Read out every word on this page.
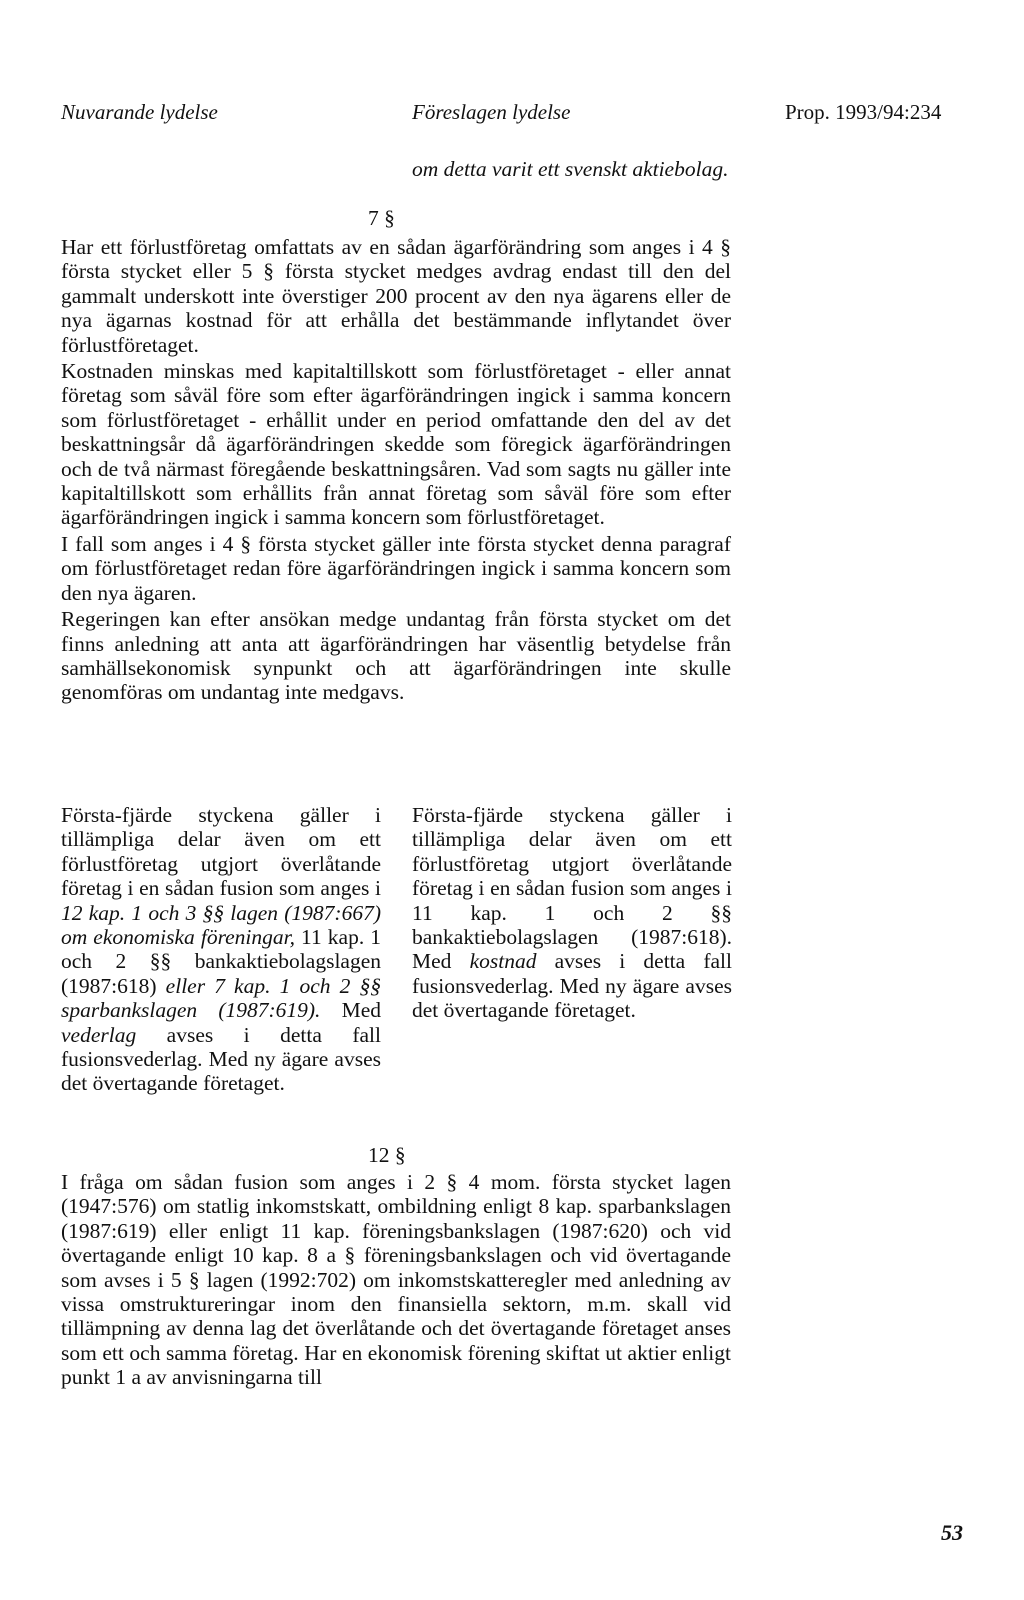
Nuvarande lydelse	Föreslagen lydelse	Prop. 1993/94:234
om detta varit ett svenskt aktiebolag.
7 §

Har ett förlustföretag omfattats av en sådan ägarförändring som anges i 4 § första stycket eller 5 § första stycket medges avdrag endast till den del gammalt underskott inte överstiger 200 procent av den nya ägarens eller de nya ägarnas kostnad för att erhålla det bestämmande inflytandet över förlustföretaget.

Kostnaden minskas med kapitaltillskott som förlustföretaget - eller annat företag som såväl före som efter ägarförändringen ingick i samma koncern som förlustföretaget - erhållit under en period omfattande den del av det beskattningsår då ägarförändringen skedde som föregick ägarförändringen och de två närmast föregående beskattningsåren. Vad som sagts nu gäller inte kapitaltillskott som erhållits från annat företag som såväl före som efter ägarförändringen ingick i samma koncern som förlustföretaget.

I fall som anges i 4 § första stycket gäller inte första stycket denna paragraf om förlustföretaget redan före ägarförändringen ingick i samma koncern som den nya ägaren.

Regeringen kan efter ansökan medge undantag från första stycket om det finns anledning att anta att ägarförändringen har väsentlig betydelse från samhällsekonomisk synpunkt och att ägarförändringen inte skulle genomföras om undantag inte medgavs.

Första-fjärde styckena gäller i tillämpliga delar även om ett förlustföretag utgjort överlåtande företag i en sådan fusion som anges i 12 kap. 1 och 3 §§ lagen (1987:667) om ekonomiska föreningar, 11 kap. 1 och 2 §§ bankaktiebolagslagen (1987:618) eller 7 kap. 1 och 2 §§ sparbankslagen (1987:619). Med vederlag avses i detta fall fusionsvederlag. Med ny ägare avses det övertagande företaget.
Första-fjärde styckena gäller i tillämpliga delar även om ett förlustföretag utgjort överlåtande företag i en sådan fusion som anges i 11 kap. 1 och 2 §§ bankaktiebolagslagen (1987:618). Med kostnad avses i detta fall fusionsvederlag. Med ny ägare avses det övertagande företaget.
12 §

I fråga om sådan fusion som anges i 2 § 4 mom. första stycket lagen (1947:576) om statlig inkomstskatt, ombildning enligt 8 kap. sparbankslagen (1987:619) eller enligt 11 kap. föreningsbankslagen (1987:620) och vid övertagande enligt 10 kap. 8 a § föreningsbankslagen och vid övertagande som avses i 5 § lagen (1992:702) om inkomstskatteregler med anledning av vissa omstruktureringar inom den finansiella sektorn, m.m. skall vid tillämpning av denna lag det överlåtande och det övertagande företaget anses som ett och samma företag. Har en ekonomisk förening skiftat ut aktier enligt punkt 1 a av anvisningarna till

53
